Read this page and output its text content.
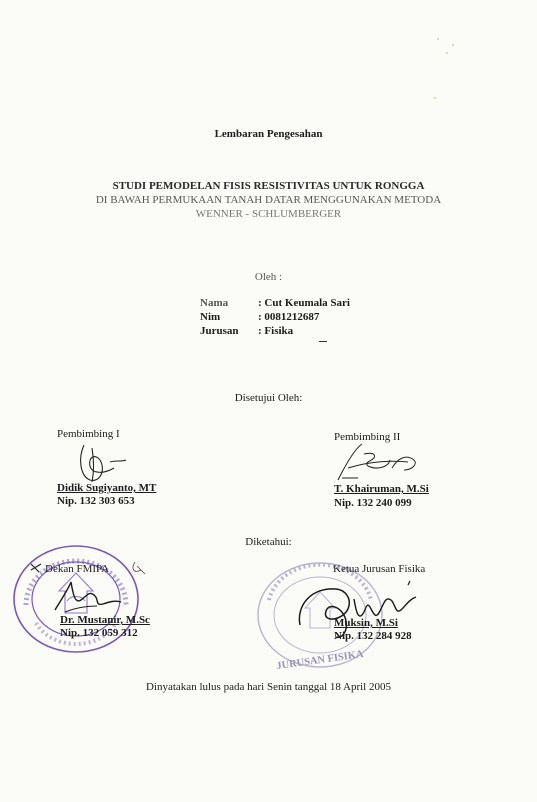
Lembaran Pengesahan
STUDI PEMODELAN FISIS RESISTIVITAS UNTUK RONGGA
DI BAWAH PERMUKAAN TANAH DATAR MENGGUNAKAN METODA
WENNER - SCHLUMBERGER
Oleh :
Nama	: Cut Keumala Sari
Nim	: 0081212687
Jurusan : Fisika
Disetujui Oleh:
Pembimbing I
Didik Sugiyanto, MT
Nip. 132 303 653
Pembimbing II
T. Khairuman, M.Si
Nip. 132 240 099
Diketahui:
Dekan FMIPA
Dr. Mustanir, M.Sc
Nip. 132 059 312
JURUSAN FISIKA
Ketua Jurusan Fisika
Muksin, M.Si
Nip. 132 284 928
Dinyatakan lulus pada hari Senin tanggal 18 April 2005
